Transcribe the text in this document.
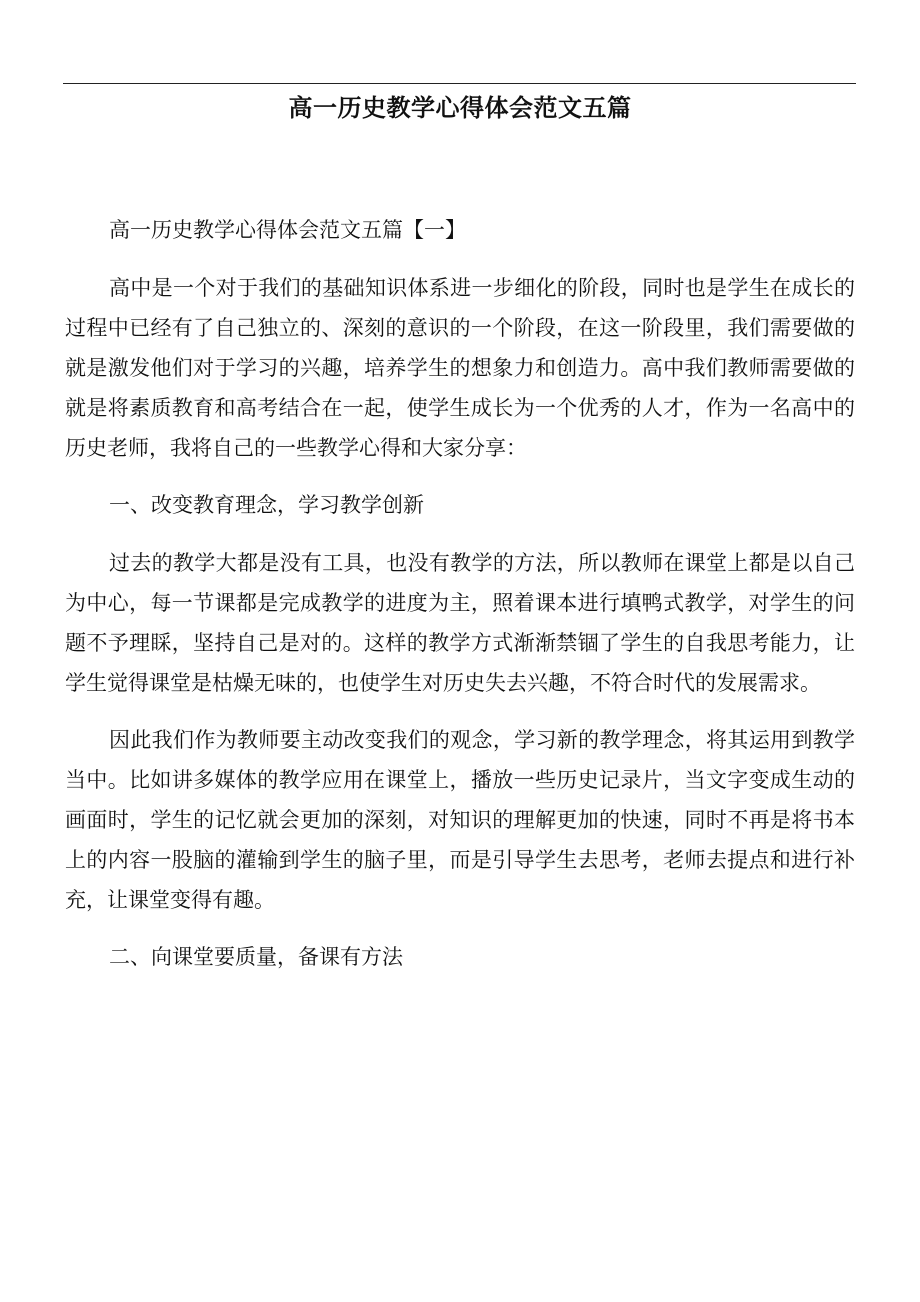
高一历史教学心得体会范文五篇

高一历史教学心得体会范文五篇【一】

高中是一个对于我们的基础知识体系进一步细化的阶段，同时也是学生在成长的过程中已经有了自己独立的、深刻的意识的一个阶段，在这一阶段里，我们需要做的就是激发他们对于学习的兴趣，培养学生的想象力和创造力。高中我们教师需要做的就是将素质教育和高考结合在一起，使学生成长为一个优秀的人才，作为一名高中的历史老师，我将自己的一些教学心得和大家分享：

一、改变教育理念，学习教学创新

过去的教学大都是没有工具，也没有教学的方法，所以教师在课堂上都是以自己为中心，每一节课都是完成教学的进度为主，照着课本进行填鸭式教学，对学生的问题不予理睬，坚持自己是对的。这样的教学方式渐渐禁锢了学生的自我思考能力，让学生觉得课堂是枯燥无味的，也使学生对历史失去兴趣，不符合时代的发展需求。

因此我们作为教师要主动改变我们的观念，学习新的教学理念，将其运用到教学当中。比如讲多媒体的教学应用在课堂上，播放一些历史记录片，当文字变成生动的画面时，学生的记忆就会更加的深刻，对知识的理解更加的快速，同时不再是将书本上的内容一股脑的灌输到学生的脑子里，而是引导学生去思考，老师去提点和进行补充，让课堂变得有趣。

二、向课堂要质量，备课有方法
